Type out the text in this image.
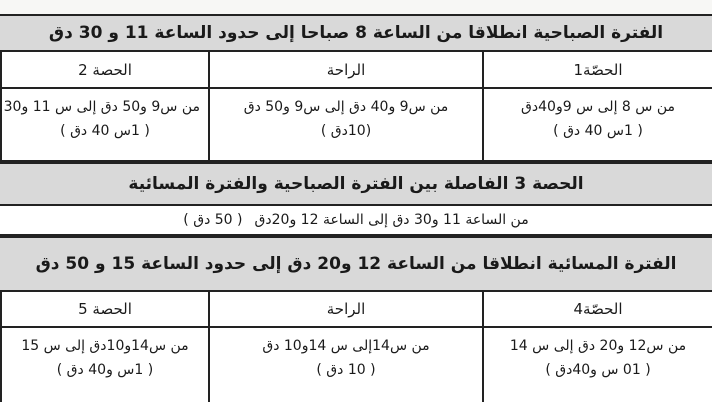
الفترة الصباحية انطلاقا من الساعة 8 صباحا إلى حدود الساعة 11 و 30 دق
الحصّة1
الراحة
الحصة 2
من س 8 إلى س 9و40دق
( 1س 40 دق )
من س9 و40 دق إلى س9 و50 دق
(10دق )
من س9 و50 دق إلى س 11 و30
( 1س 40 دق )
الحصة 3 الفاصلة بين الفترة الصباحية والفترة المسائية
من الساعة 11 و30 دق إلى الساعة 12 و20دق
( 50 دق )
الفترة المسائية انطلاقا من الساعة 12 و20 دق إلى حدود الساعة 15 و 50 دق
الحصّة4
الراحة
الحصة 5
من س12 و20 دق إلى س 14
( 01 س و40دق )
من س14إلى س 14و10 دق
( 10 دق )
من س14و10دق إلى س 15
( 1س و40 دق )
